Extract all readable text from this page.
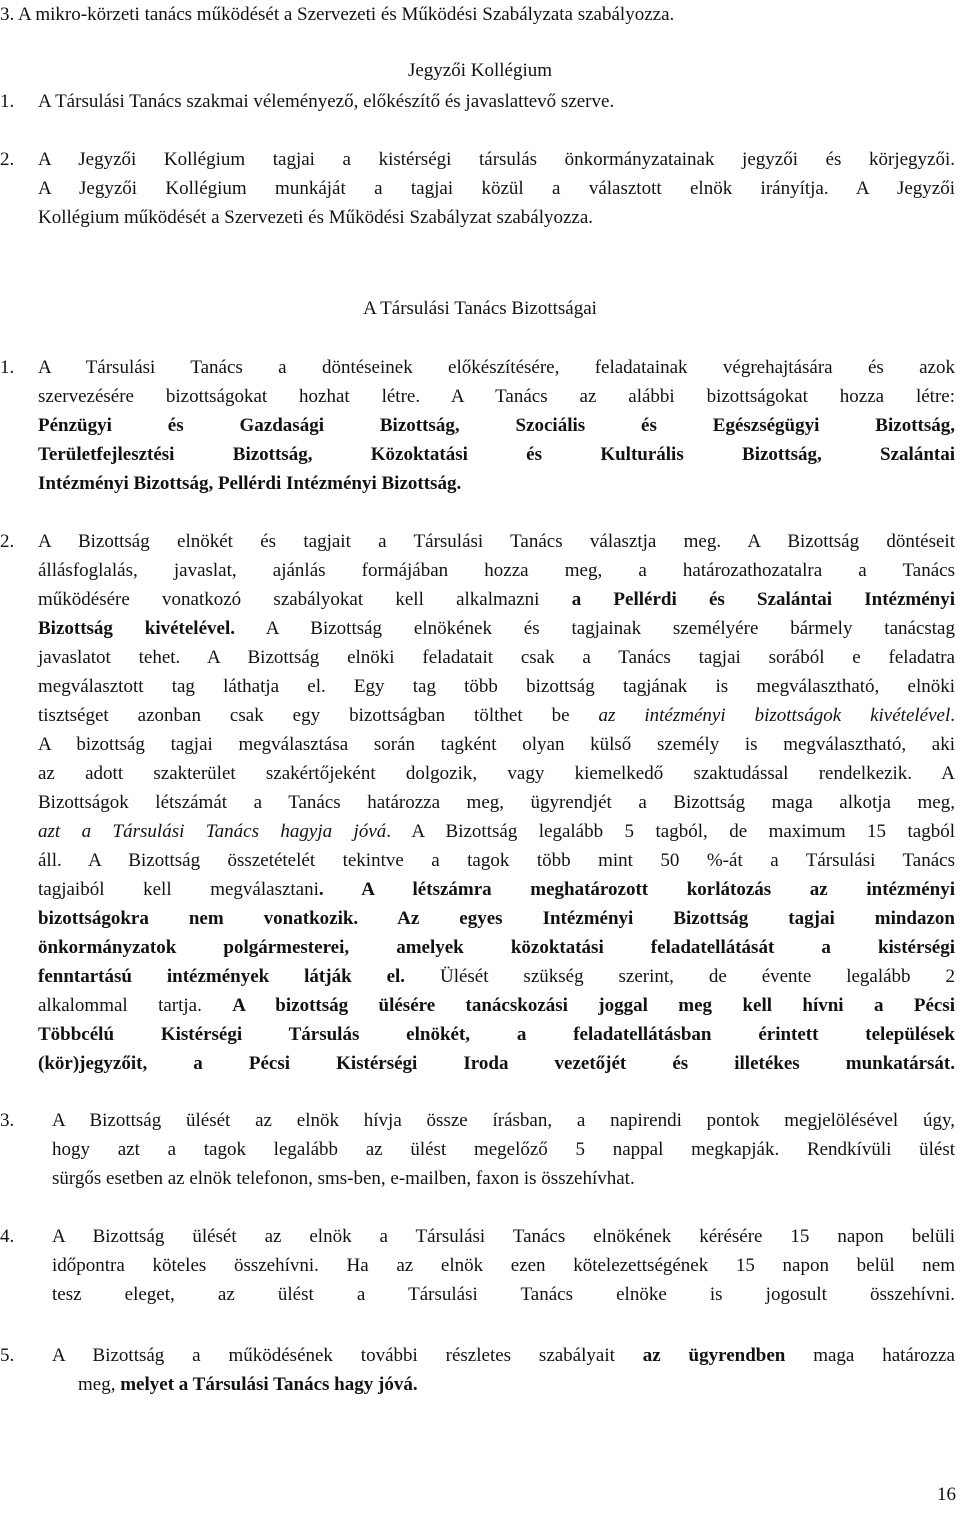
3. A mikro-körzeti tanács működését a Szervezeti és Működési Szabályzata szabályozza.
Jegyzői Kollégium
1. A Társulási Tanács szakmai véleményező, előkészítő és javaslattevő szerve.
2. A Jegyzői Kollégium tagjai a kistérségi társulás önkormányzatainak jegyzői és körjegyzői.
A Jegyzői Kollégium munkáját a tagjai közül a választott elnök irányítja. A Jegyzői
Kollégium működését a Szervezeti és Működési Szabályzat szabályozza.
A Társulási Tanács Bizottságai
1. A Társulási Tanács a döntéseinek előkészítésére, feladatainak végrehajtására és azok
szervezésére bizottságokat hozhat létre. A Tanács az alábbi bizottságokat hozza létre:
Pénzügyi és Gazdasági Bizottság, Szociális és Egészségügyi Bizottság,
Területfejlesztési Bizottság, Közoktatási és Kulturális Bizottság, Szalántai
Intézményi Bizottság, Pellérdi Intézményi Bizottság.
2. A Bizottság elnökét és tagjait a Társulási Tanács választja meg. A Bizottság döntéseit
állásfoglalás, javaslat, ajánlás formájában hozza meg, a határozathozatalra a Tanács
működésére vonatkozó szabályokat kell alkalmazni a Pellérdi és Szalántai Intézményi
Bizottság kivételével. A Bizottság elnökének és tagjainak személyére bármely tanácstag
javaslatot tehet. A Bizottság elnöki feladatait csak a Tanács tagjai sorából e feladatra
megválasztott tag láthatja el. Egy tag több bizottság tagjának is megválasztható, elnöki
tisztséget azonban csak egy bizottságban tölthet be az intézményi bizottságok kivételével.
A bizottság tagjai megválasztása során tagként olyan külső személy is megválasztható, aki
az adott szakterület szakértőjeként dolgozik, vagy kiemelkedő szaktudással rendelkezik. A
Bizottságok létszámát a Tanács határozza meg, ügyrendjét a Bizottság maga alkotja meg,
azt a Társulási Tanács hagyja jóvá. A Bizottság legalább 5 tagból, de maximum 15 tagból
áll. A Bizottság összetételét tekintve a tagok több mint 50 %-át a Társulási Tanács
tagjaiból kell megválasztani. A létszámra meghatározott korlátozás az intézményi
bizottságokra nem vonatkozik. Az egyes Intézményi Bizottság tagjai mindazon
önkormányzatok polgármesterei, amelyek közoktatási feladatellátását a kistérségi
fenntartású intézmények látják el. Ülését szükség szerint, de évente legalább 2
alkalommal tartja. A bizottság ülésére tanácskozási joggal meg kell hívni a Pécsi
Többcélú Kistérségi Társulás elnökét, a feladatellátásban érintett települések
(kör)jegyzőit, a Pécsi Kistérségi Iroda vezetőjét és illetékes munkatársát.
3. A Bizottság ülését az elnök hívja össze írásban, a napirendi pontok megjelölésével úgy,
hogy azt a tagok legalább az ülést megelőző 5 nappal megkapják. Rendkívüli ülést
sürgős esetben az elnök telefonon, sms-ben, e-mailben, faxon is összehívhat.
4. A Bizottság ülését az elnök a Társulási Tanács elnökének kérésére 15 napon belüli
időpontra köteles összehívni. Ha az elnök ezen kötelezettségének 15 napon belül nem
tesz eleget, az ülést a Társulási Tanács elnöke is jogosult összehívni.
5. A Bizottság a működésének további részletes szabályait az ügyrendben maga határozza
meg, melyet a Társulási Tanács hagy jóvá.
16
